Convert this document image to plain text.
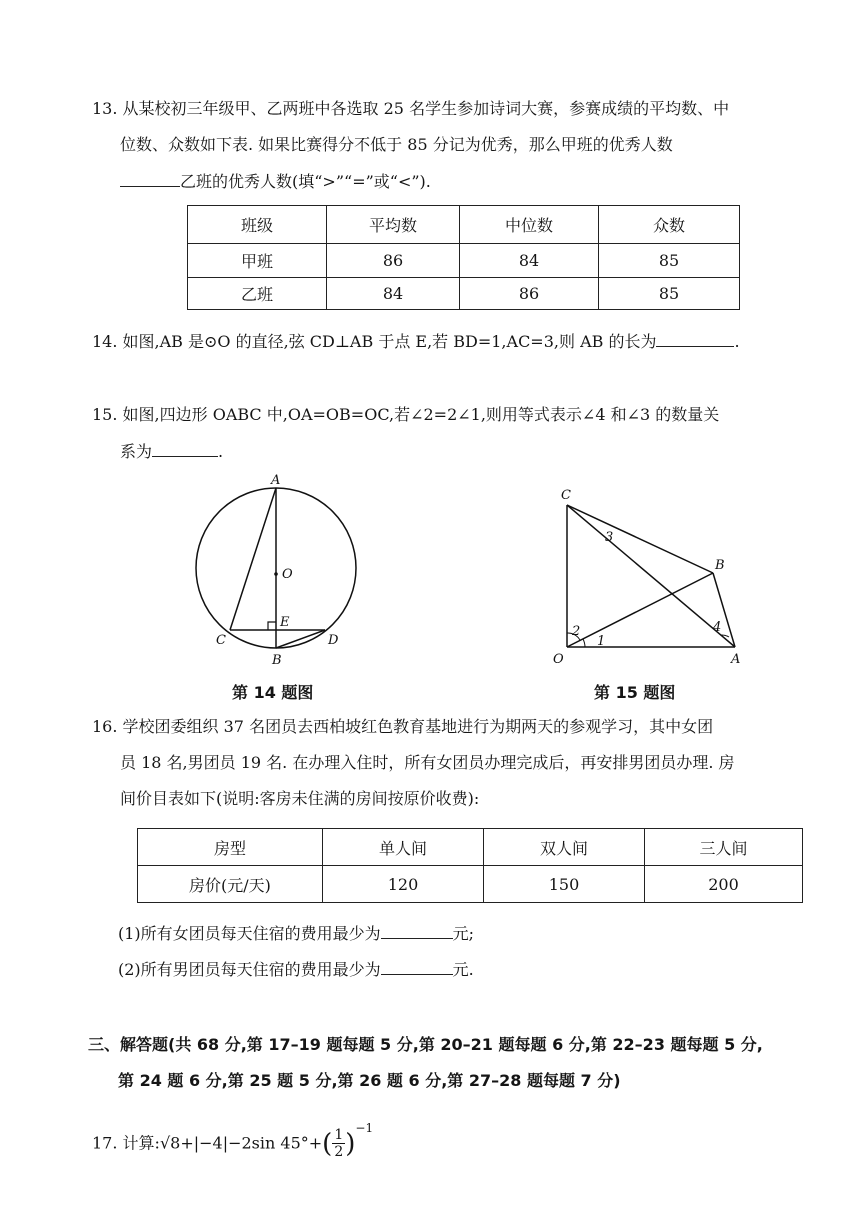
13. 从某校初三年级甲、乙两班中各选取 25 名学生参加诗词大赛，参赛成绩的平均数、中
位数、众数如下表. 如果比赛得分不低于 85 分记为优秀，那么甲班的优秀人数
乙班的优秀人数(填“>”“=”或“<”).
班级	平均数	中位数	众数
甲班	86	84	85
乙班	84	86	85
14. 如图,AB 是⊙O 的直径,弦 CD⊥AB 于点 E,若 BD=1,AC=3,则 AB 的长为	.
15. 如图,四边形 OABC 中,OA=OB=OC,若∠2=2∠1,则用等式表示∠4 和∠3 的数量关
系为	.
A
O
E
C	D
B
第 14 题图
C
B
O	A
1
2
3
4
第 15 题图
16. 学校团委组织 37 名团员去西柏坡红色教育基地进行为期两天的参观学习，其中女团
员 18 名,男团员 19 名. 在办理入住时，所有女团员办理完成后，再安排男团员办理. 房
间价目表如下(说明:客房未住满的房间按原价收费):
房型	单人间	双人间	三人间
房价(元/天)	120	150	200
(1)所有女团员每天住宿的费用最少为	元;
(2)所有男团员每天住宿的费用最少为	元.
三、解答题(共 68 分,第 17–19 题每题 5 分,第 20–21 题每题 6 分,第 22–23 题每题 5 分,
第 24 题 6 分,第 25 题 5 分,第 26 题 6 分,第 27–28 题每题 7 分)
17. 计算:√8+|−4|−2sin $45^\circ+( \frac{1}{2} )^{-1}$
